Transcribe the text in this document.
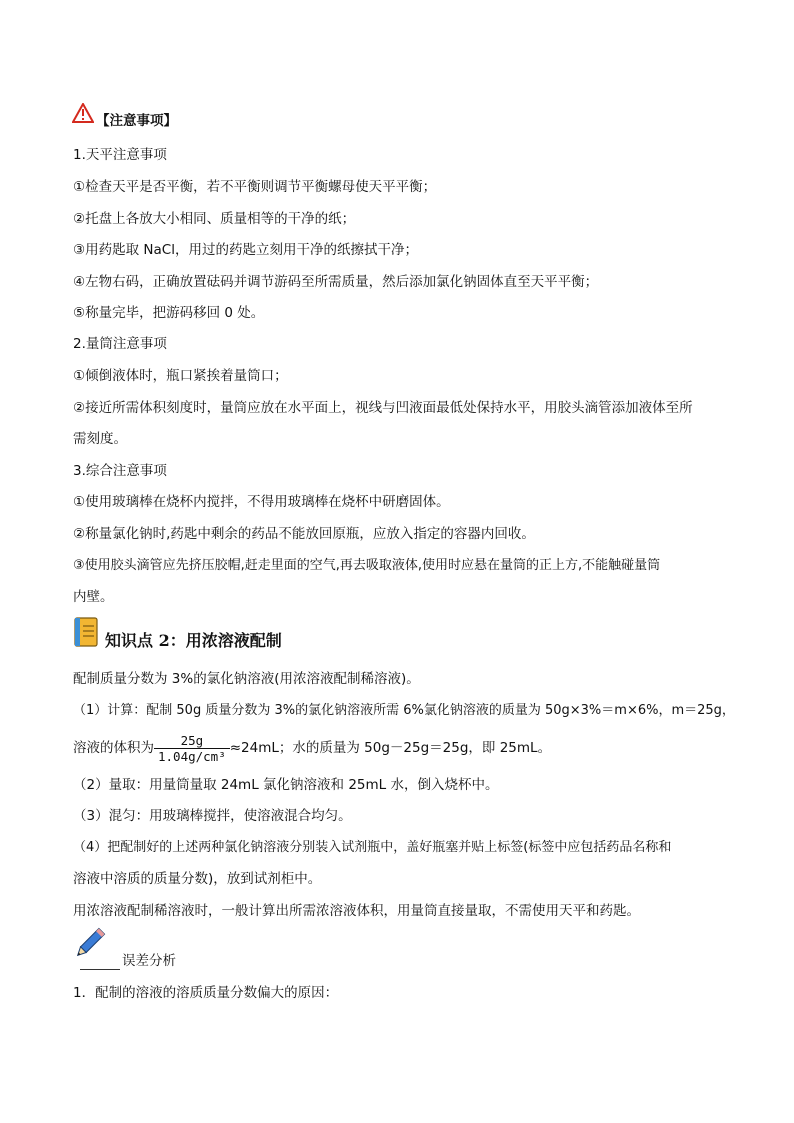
【注意事项】
1.天平注意事项
①检查天平是否平衡，若不平衡则调节平衡螺母使天平平衡；
②托盘上各放大小相同、质量相等的干净的纸；
③用药匙取 NaCl，用过的药匙立刻用干净的纸擦拭干净；
④左物右码，正确放置砝码并调节游码至所需质量，然后添加氯化钠固体直至天平平衡；
⑤称量完毕，把游码移回 0 处。
2.量筒注意事项
①倾倒液体时，瓶口紧挨着量筒口；
②接近所需体积刻度时，量筒应放在水平面上，视线与凹液面最低处保持水平，用胶头滴管添加液体至所
需刻度。
3.综合注意事项
①使用玻璃棒在烧杯内搅拌，不得用玻璃棒在烧杯中研磨固体。
②称量氯化钠时,药匙中剩余的药品不能放回原瓶，应放入指定的容器内回收。
③使用胶头滴管应先挤压胶帽,赶走里面的空气,再去吸取液体,使用时应悬在量筒的正上方,不能触碰量筒
内壁。
知识点 2：用浓溶液配制
配制质量分数为 3%的氯化钠溶液(用浓溶液配制稀溶液)。
（1）计算：配制 50g 质量分数为 3%的氯化钠溶液所需 6%氯化钠溶液的质量为 50g×3%＝m×6%，m＝25g，
溶液的体积为 $\frac{25g}{\text{1.04g/cm³}} \approx 24mL$；水的质量为 50g－25g＝25g，即 25mL。
（2）量取：用量筒量取 24mL 氯化钠溶液和 25mL 水，倒入烧杯中。
（3）混匀：用玻璃棒搅拌，使溶液混合均匀。
（4）把配制好的上述两种氯化钠溶液分别装入试剂瓶中，盖好瓶塞并贴上标签(标签中应包括药品名称和
溶液中溶质的质量分数)，放到试剂柜中。
用浓溶液配制稀溶液时，一般计算出所需浓溶液体积，用量筒直接量取，不需使用天平和药匙。
误差分析
1．配制的溶液的溶质质量分数偏大的原因：
